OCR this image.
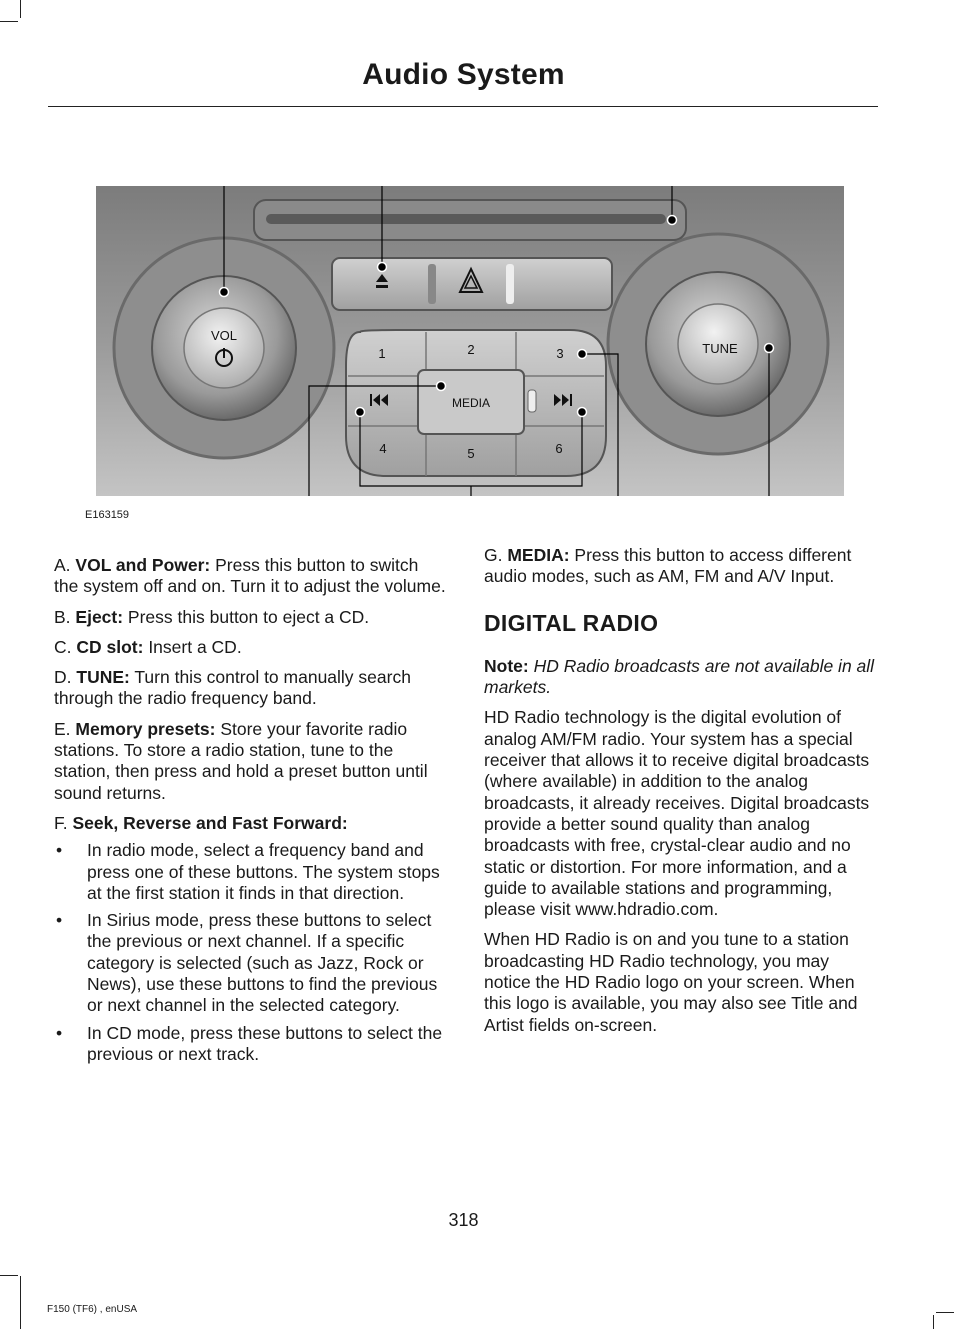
Audio System
VOL
TUNE
MEDIA
1	2	3
4	5	6
E163159

A. VOL and Power: Press this button to switch the system off and on. Turn it to adjust the volume.

B. Eject: Press this button to eject a CD.

C. CD slot: Insert a CD.

D. TUNE: Turn this control to manually search through the radio frequency band.

E. Memory presets: Store your favorite radio stations. To store a radio station, tune to the station, then press and hold a preset button until sound returns.

F. Seek, Reverse and Fast Forward:

• In radio mode, select a frequency band and press one of these buttons. The system stops at the first station it finds in that direction.
• In Sirius mode, press these buttons to select the previous or next channel. If a specific category is selected (such as Jazz, Rock or News), use these buttons to find the previous or next channel in the selected category.
• In CD mode, press these buttons to select the previous or next track.

G. MEDIA: Press this button to access different audio modes, such as AM, FM and A/V Input.

DIGITAL RADIO

Note: HD Radio broadcasts are not available in all markets.

HD Radio technology is the digital evolution of analog AM/FM radio. Your system has a special receiver that allows it to receive digital broadcasts (where available) in addition to the analog broadcasts, it already receives. Digital broadcasts provide a better sound quality than analog broadcasts with free, crystal-clear audio and no static or distortion. For more information, and a guide to available stations and programming, please visit www.hdradio.com.

When HD Radio is on and you tune to a station broadcasting HD Radio technology, you may notice the HD Radio logo on your screen. When this logo is available, you may also see Title and Artist fields on-screen.

318
F150 (TF6) , enUSA
